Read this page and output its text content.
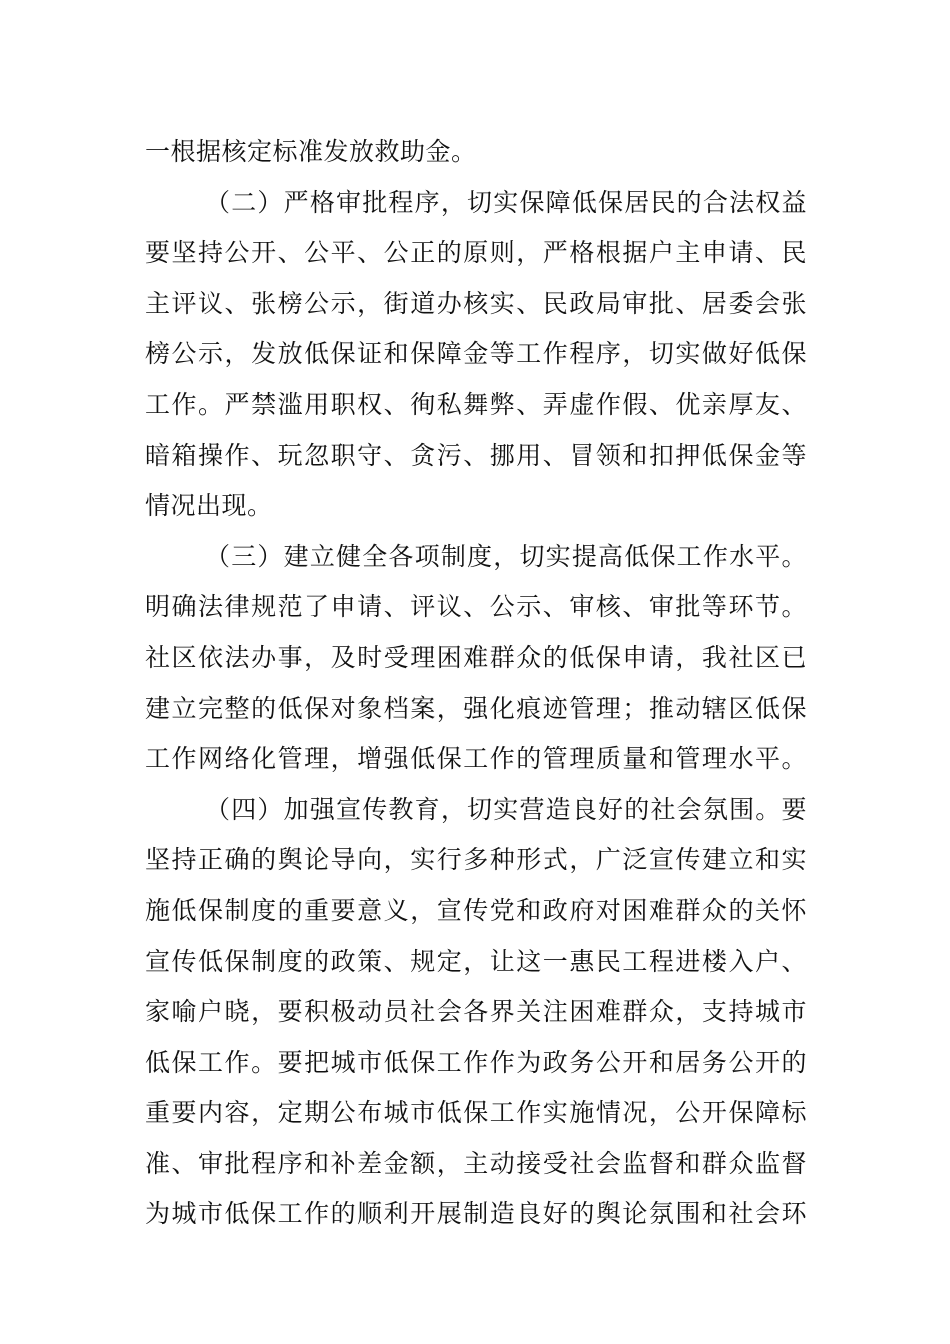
一根据核定标准发放救助金。
（二）严格审批程序，切实保障低保居民的合法权益
要坚持公开、公平、公正的原则，严格根据户主申请、民
主评议、张榜公示，街道办核实、民政局审批、居委会张
榜公示，发放低保证和保障金等工作程序，切实做好低保
工作。严禁滥用职权、徇私舞弊、弄虚作假、优亲厚友、
暗箱操作、玩忽职守、贪污、挪用、冒领和扣押低保金等
情况出现。
（三）建立健全各项制度，切实提高低保工作水平。
明确法律规范了申请、评议、公示、审核、审批等环节。
社区依法办事，及时受理困难群众的低保申请，我社区已
建立完整的低保对象档案，强化痕迹管理；推动辖区低保
工作网络化管理，增强低保工作的管理质量和管理水平。
（四）加强宣传教育，切实营造良好的社会氛围。要
坚持正确的舆论导向，实行多种形式，广泛宣传建立和实
施低保制度的重要意义，宣传党和政府对困难群众的关怀
宣传低保制度的政策、规定，让这一惠民工程进楼入户、
家喻户晓，要积极动员社会各界关注困难群众，支持城市
低保工作。要把城市低保工作作为政务公开和居务公开的
重要内容，定期公布城市低保工作实施情况，公开保障标
准、审批程序和补差金额，主动接受社会监督和群众监督
为城市低保工作的顺利开展制造良好的舆论氛围和社会环
